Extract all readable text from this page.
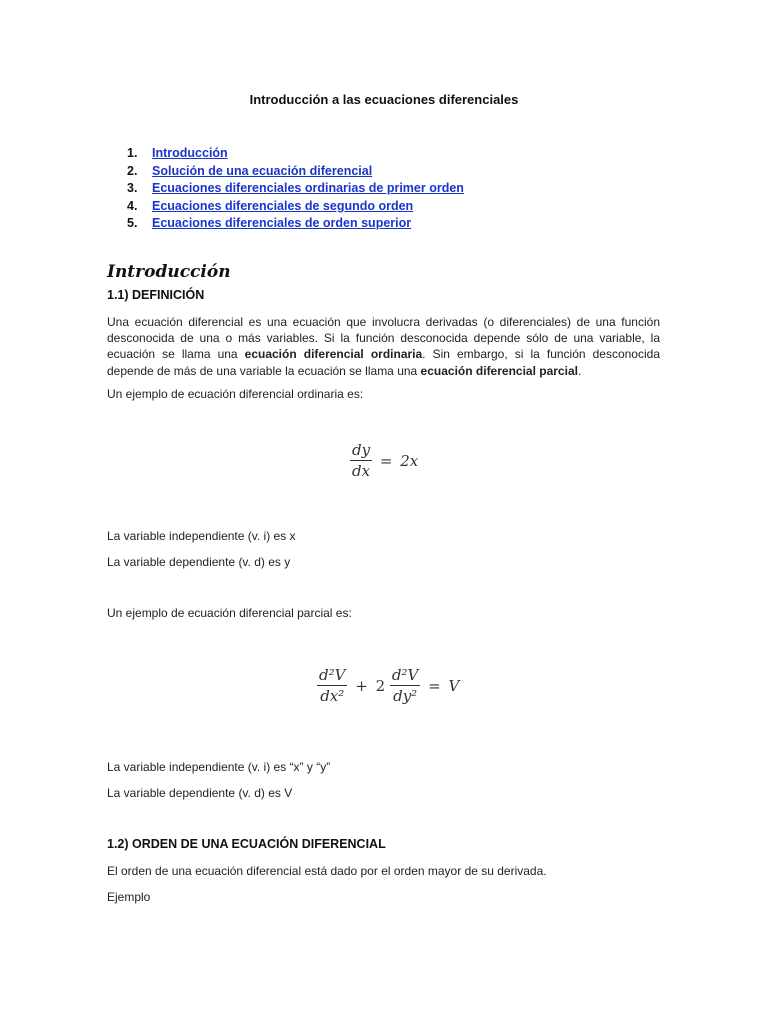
Introducción a las ecuaciones diferenciales
1. Introducción
2. Solución de una ecuación diferencial
3. Ecuaciones diferenciales ordinarias de primer orden
4. Ecuaciones diferenciales de segundo orden
5. Ecuaciones diferenciales de orden superior
Introducción
1.1) DEFINICIÓN
Una ecuación diferencial es una ecuación que involucra derivadas (o diferenciales) de una función desconocida de una o más variables. Si la función desconocida depende sólo de una variable, la ecuación se llama una ecuación diferencial ordinaria. Sin embargo, si la función desconocida depende de más de una variable la ecuación se llama una ecuación diferencial parcial.
Un ejemplo de ecuación diferencial ordinaria es:
$\frac{dy}{dx} = 2x$
La variable independiente (v. i) es x
La variable dependiente (v. d) es y
Un ejemplo de ecuación diferencial parcial es:
$\frac{\text{d²V}}{\text{dx²}} + 2 \frac{\text{d²V}}{\text{dy²}} = V$
La variable independiente (v. i) es “x” y “y”
La variable dependiente (v. d) es V
1.2) ORDEN DE UNA ECUACIÓN DIFERENCIAL
El orden de una ecuación diferencial está dado por el orden mayor de su derivada.
Ejemplo
